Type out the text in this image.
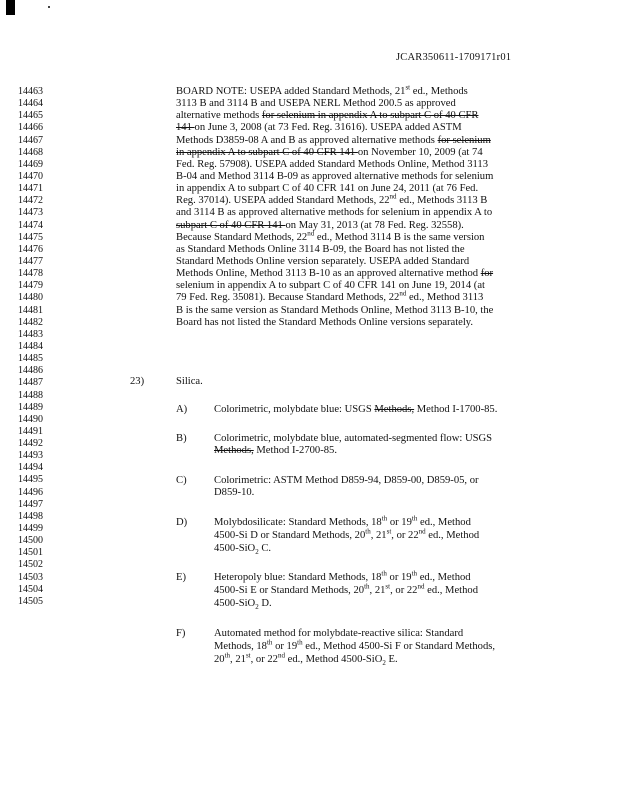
JCAR350611-1709171r01
14463
14464
14465
14466
14467
14468
14469
14470
14471
14472
14473
14474
14475
14476
14477
14478
14479
14480
14481
14482
14483
14484
14485
14486
14487
14488
14489
14490
14491
14492
14493
14494
14495
14496
14497
14498
14499
14500
14501
14502
14503
14504
14505
BOARD NOTE: USEPA added Standard Methods, 21st ed., Methods
3113 B and 3114 B and USEPA NERL Method 200.5 as approved
alternative methods for selenium in appendix A to subpart C of 40 CFR
141 on June 3, 2008 (at 73 Fed. Reg. 31616). USEPA added ASTM
Methods D3859-08 A and B as approved alternative methods for selenium
in appendix A to subpart C of 40 CFR 141 on November 10, 2009 (at 74
Fed. Reg. 57908). USEPA added Standard Methods Online, Method 3113
B-04 and Method 3114 B-09 as approved alternative methods for selenium
in appendix A to subpart C of 40 CFR 141 on June 24, 2011 (at 76 Fed.
Reg. 37014). USEPA added Standard Methods, 22nd ed., Methods 3113 B
and 3114 B as approved alternative methods for selenium in appendix A to
subpart C of 40 CFR 141 on May 31, 2013 (at 78 Fed. Reg. 32558).
Because Standard Methods, 22nd ed., Method 3114 B is the same version
as Standard Methods Online 3114 B-09, the Board has not listed the
Standard Methods Online version separately. USEPA added Standard
Methods Online, Method 3113 B-10 as an approved alternative method for
selenium in appendix A to subpart C of 40 CFR 141 on June 19, 2014 (at
79 Fed. Reg. 35081). Because Standard Methods, 22nd ed., Method 3113
B is the same version as Standard Methods Online, Method 3113 B-10, the
Board has not listed the Standard Methods Online versions separately.
23)	Silica.
A)	Colorimetric, molybdate blue: USGS Methods, Method I-1700-85.
B)	Colorimetric, molybdate blue, automated-segmented flow: USGS
Methods, Method I-2700-85.
C)	Colorimetric: ASTM Method D859-94, D859-00, D859-05, or
D859-10.
D)	Molybdosilicate: Standard Methods, 18th or 19th ed., Method
4500-Si D or Standard Methods, 20th, 21st, or 22nd ed., Method
4500-SiO$_2$ C.
E)	Heteropoly blue: Standard Methods, 18th or 19th ed., Method
4500-Si E or Standard Methods, 20th, 21st, or 22nd ed., Method
4500-SiO$_2$ D.
F)	Automated method for molybdate-reactive silica: Standard
Methods, 18th or 19th ed., Method 4500-Si F or Standard Methods,
20th, 21st, or 22nd ed., Method 4500-SiO$_2$ E.
